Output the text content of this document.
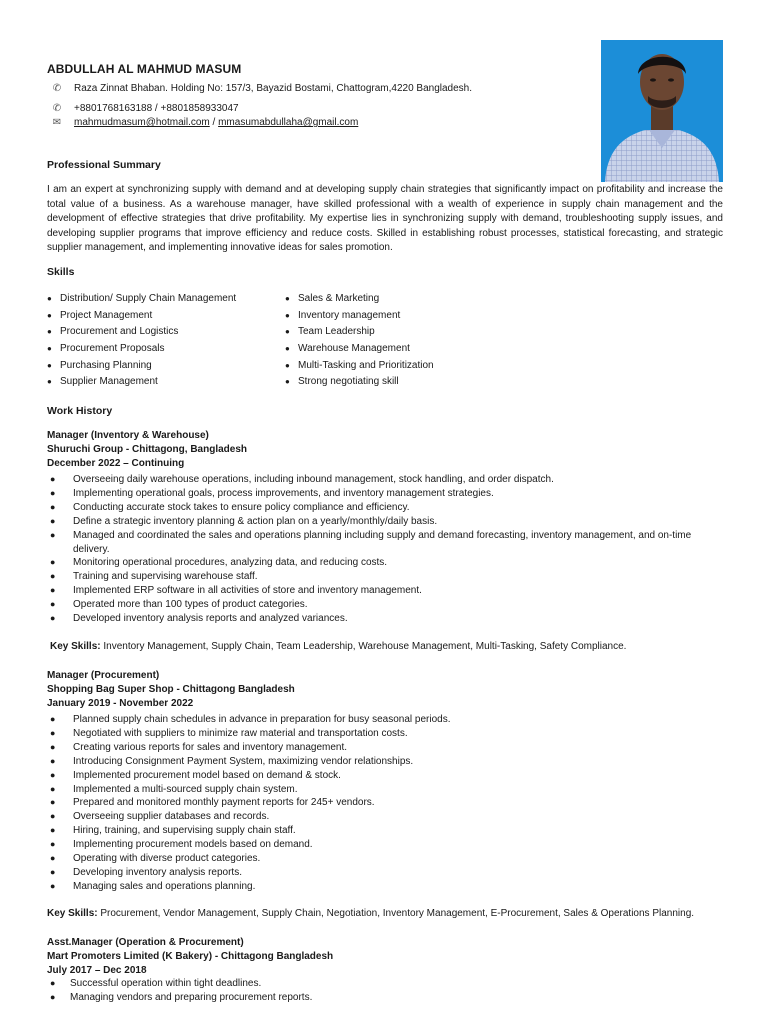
ABDULLAH AL MAHMUD MASUM
✆ Raza Zinnat Bhaban. Holding No: 157/3, Bayazid Bostami, Chattogram,4220 Bangladesh.
✆ +8801768163188 / +8801858933047
✉ mahmudmasum@hotmail.com / mmasumabdullaha@gmail.com
Professional Summary
I am an expert at synchronizing supply with demand and at developing supply chain strategies that significantly impact on profitability and increase the total value of a business. As a warehouse manager, have skilled professional with a wealth of experience in supply chain management and the development of effective strategies that drive profitability. My expertise lies in synchronizing supply with demand, troubleshooting supply issues, and developing supplier programs that improve efficiency and reduce costs. Skilled in establishing robust processes, statistical forecasting, and strategic supplier management, and implementing innovative ideas for sales promotion.
Skills
● Distribution/ Supply Chain Management
● Project Management
● Procurement and Logistics
● Procurement Proposals
● Purchasing Planning
● Supplier Management
● Sales & Marketing
● Inventory management
● Team Leadership
● Warehouse Management
● Multi-Tasking and Prioritization
● Strong negotiating skill
Work History
Manager (Inventory & Warehouse)
Shuruchi Group - Chittagong, Bangladesh
December 2022 – Continuing
●	Overseeing daily warehouse operations, including inbound management, stock handling, and order dispatch.
●	Implementing operational goals, process improvements, and inventory management strategies.
●	Conducting accurate stock takes to ensure policy compliance and efficiency.
●	Define a strategic inventory planning & action plan on a yearly/monthly/daily basis.
●	Managed and coordinated the sales and operations planning including supply and demand forecasting, inventory management, and on-time delivery.
●	Monitoring operational procedures, analyzing data, and reducing costs.
●	Training and supervising warehouse staff.
●	Implemented ERP software in all activities of store and inventory management.
●	Operated more than 100 types of product categories.
●	Developed inventory analysis reports and analyzed variances.
Key Skills: Inventory Management, Supply Chain, Team Leadership, Warehouse Management, Multi-Tasking, Safety Compliance.
Manager (Procurement)
Shopping Bag Super Shop - Chittagong Bangladesh
January 2019 - November 2022
●	Planned supply chain schedules in advance in preparation for busy seasonal periods.
●	Negotiated with suppliers to minimize raw material and transportation costs.
●	Creating various reports for sales and inventory management.
●	Introducing Consignment Payment System, maximizing vendor relationships.
●	Implemented procurement model based on demand & stock.
●	Implemented a multi-sourced supply chain system.
●	Prepared and monitored monthly payment reports for 245+ vendors.
●	Overseeing supplier databases and records.
●	Hiring, training, and supervising supply chain staff.
●	Implementing procurement models based on demand.
●	Operating with diverse product categories.
●	Developing inventory analysis reports.
●	Managing sales and operations planning.
Key Skills: Procurement, Vendor Management, Supply Chain, Negotiation, Inventory Management, E-Procurement, Sales & Operations Planning.
Asst.Manager (Operation & Procurement)
Mart Promoters Limited (K Bakery) - Chittagong Bangladesh
July 2017 – Dec 2018
●	Successful operation within tight deadlines.
●	Managing vendors and preparing procurement reports.
